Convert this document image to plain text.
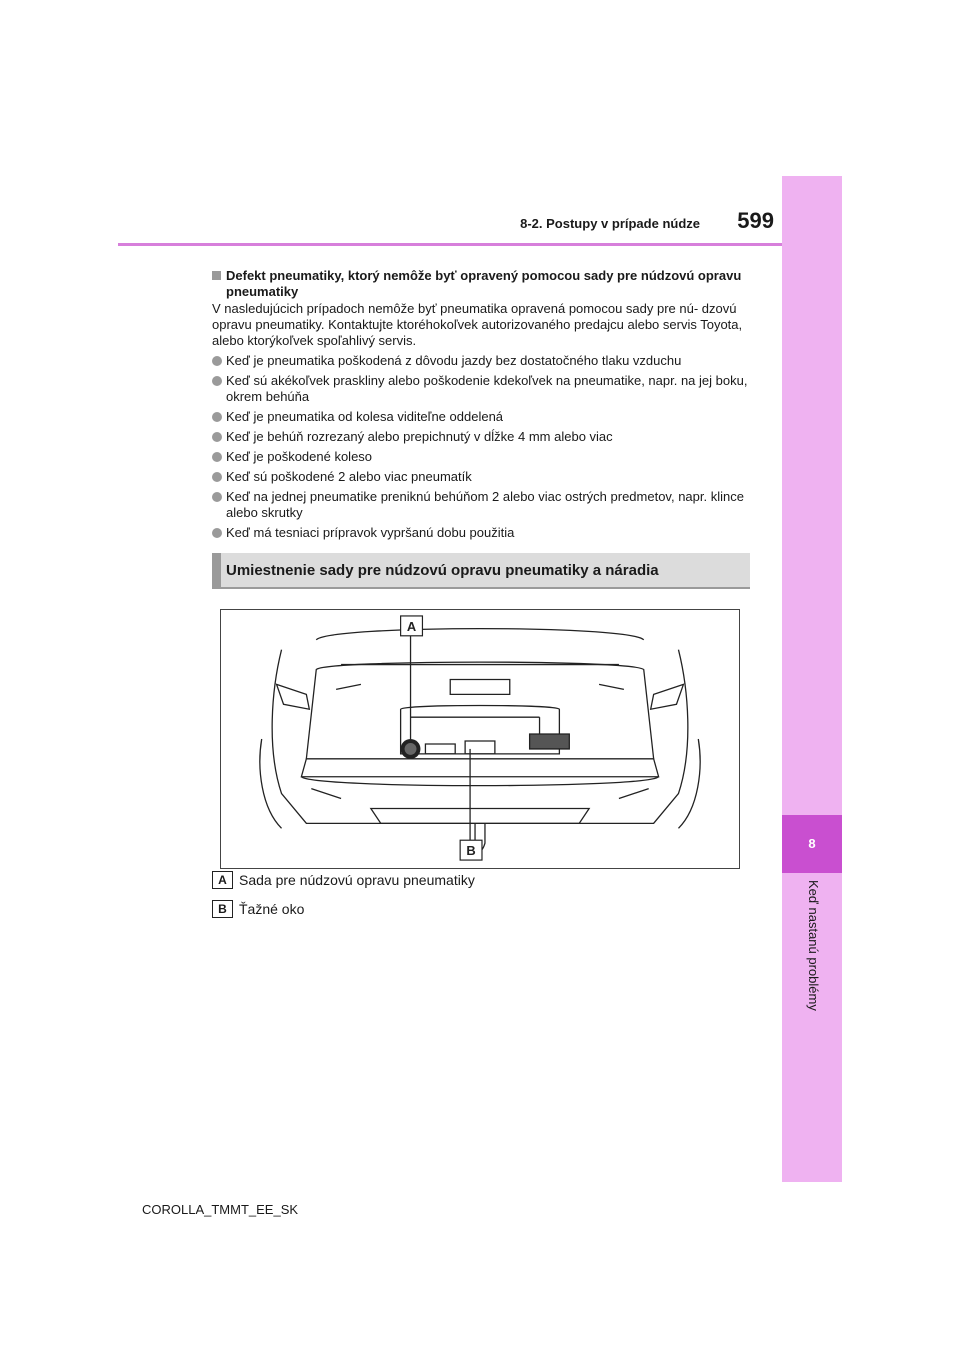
8
Keď nastanú problémy
8-2. Postupy v prípade núdze	599
Defekt pneumatiky, ktorý nemôže byť opravený pomocou sady pre núdzovú opravu pneumatiky

V nasledujúcich prípadoch nemôže byť pneumatika opravená pomocou sady pre nú- dzovú opravu pneumatiky. Kontaktujte ktoréhokoľvek autorizovaného predajcu alebo servis Toyota, alebo ktorýkoľvek spoľahlivý servis.

Keď je pneumatika poškodená z dôvodu jazdy bez dostatočného tlaku vzduchu
Keď sú akékoľvek praskliny alebo poškodenie kdekoľvek na pneumatike, napr. na jej boku, okrem behúňa
Keď je pneumatika od kolesa viditeľne oddelená
Keď je behúň rozrezaný alebo prepichnutý v dĺžke 4 mm alebo viac
Keď je poškodené koleso
Keď sú poškodené 2 alebo viac pneumatík
Keď na jednej pneumatike preniknú behúňom 2 alebo viac ostrých predmetov, napr. klince alebo skrutky
Keď má tesniaci prípravok vypršanú dobu použitia
Umiestnenie sady pre núdzovú opravu pneumatiky a náradia
A
B
A Sada pre núdzovú opravu pneumatiky
B Ťažné oko
COROLLA_TMMT_EE_SK
